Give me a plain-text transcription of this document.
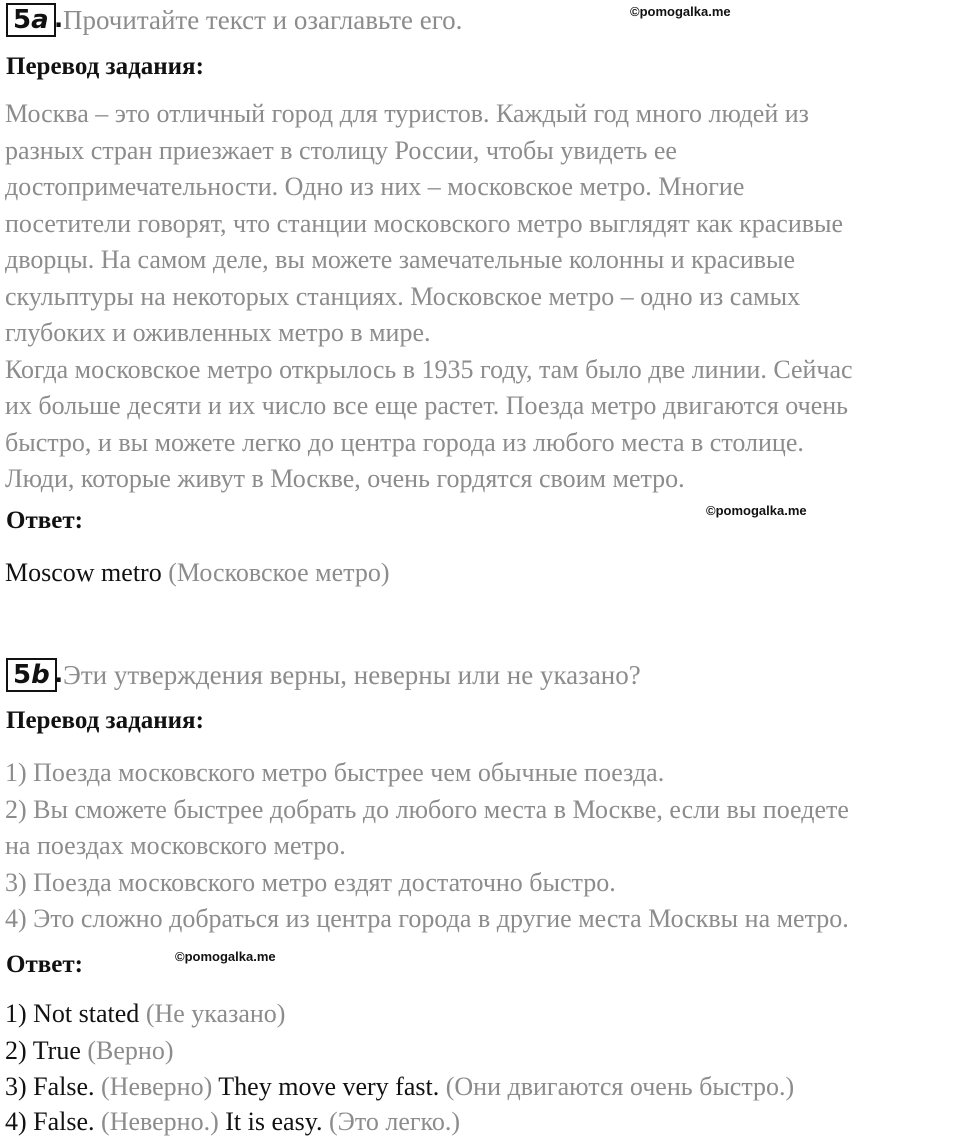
5a . Прочитайте текст и озаглавьте его.	©pomogalka.me
Перевод задания:
Москва – это отличный город для туристов. Каждый год много людей из
разных стран приезжает в столицу России, чтобы увидеть ее
достопримечательности. Одно из них – московское метро. Многие
посетители говорят, что станции московского метро выглядят как красивые
дворцы. На самом деле, вы можете замечательные колонны и красивые
скульптуры на некоторых станциях. Московское метро – одно из самых
глубоких и оживленных метро в мире.
Когда московское метро открылось в 1935 году, там было две линии. Сейчас
их больше десяти и их число все еще растет. Поезда метро двигаются очень
быстро, и вы можете легко до центра города из любого места в столице.
Люди, которые живут в Москве, очень гордятся своим метро.
Ответ:	©pomogalka.me
Moscow metro (Московское метро)
5b . Эти утверждения верны, неверны или не указано?
Перевод задания:
1) Поезда московского метро быстрее чем обычные поезда.
2) Вы сможете быстрее добрать до любого места в Москве, если вы поедете
на поездах московского метро.
3) Поезда московского метро ездят достаточно быстро.
4) Это сложно добраться из центра города в другие места Москвы на метро.
Ответ:	©pomogalka.me
1) Not stated (Не указано)
2) True (Верно)
3) False. (Неверно) They move very fast. (Они двигаются очень быстро.)
4) False. (Неверно.) It is easy. (Это легко.)
